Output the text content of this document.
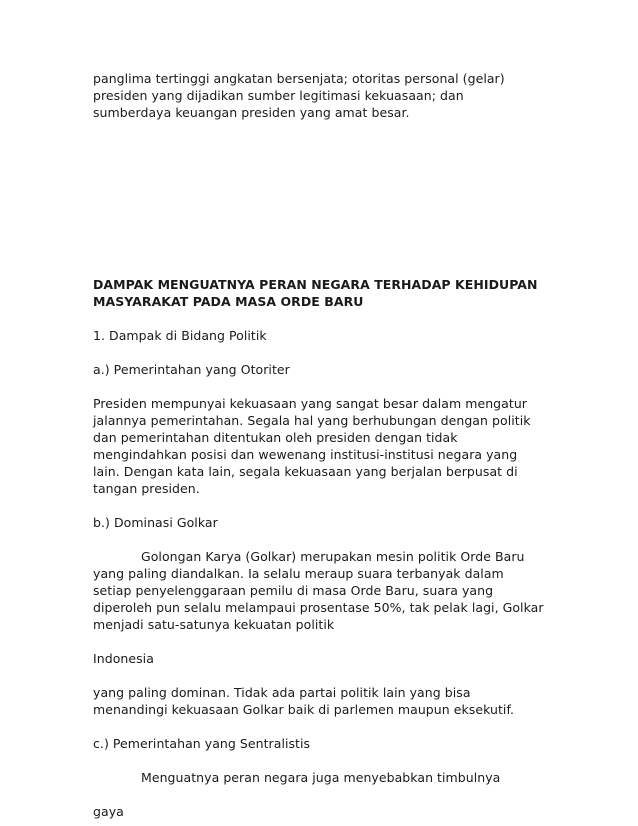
panglima tertinggi angkatan bersenjata; otoritas personal (gelar)
presiden yang dijadikan sumber legitimasi kekuasaan; dan
sumberdaya keuangan presiden yang amat besar.
DAMPAK MENGUATNYA PERAN NEGARA TERHADAP KEHIDUPAN
MASYARAKAT PADA MASA ORDE BARU
1. Dampak di Bidang Politik
a.) Pemerintahan yang Otoriter
Presiden mempunyai kekuasaan yang sangat besar dalam mengatur
jalannya pemerintahan. Segala hal yang berhubungan dengan politik
dan pemerintahan ditentukan oleh presiden dengan tidak
mengindahkan posisi dan wewenang institusi-institusi negara yang
lain. Dengan kata lain, segala kekuasaan yang berjalan berpusat di
tangan presiden.
b.) Dominasi Golkar
Golongan Karya (Golkar) merupakan mesin politik Orde Baru
yang paling diandalkan. Ia selalu meraup suara terbanyak dalam
setiap penyelenggaraan pemilu di masa Orde Baru, suara yang
diperoleh pun selalu melampaui prosentase 50%, tak pelak lagi, Golkar
menjadi satu-satunya kekuatan politik
Indonesia
yang paling dominan. Tidak ada partai politik lain yang bisa
menandingi kekuasaan Golkar baik di parlemen maupun eksekutif.
c.) Pemerintahan yang Sentralistis
Menguatnya peran negara juga menyebabkan timbulnya
gaya
